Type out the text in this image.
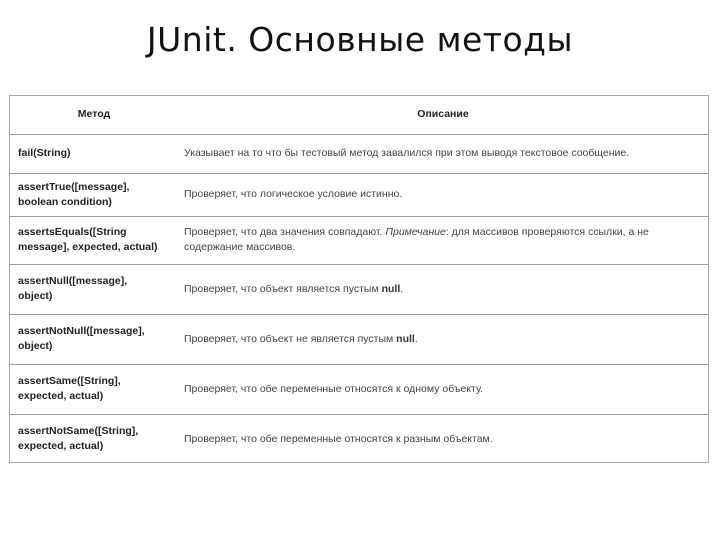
JUnit. Основные методы
Метод	Описание
fail(String)	Указывает на то что бы тестовый метод завалился при этом выводя текстовое сообщение.
assertTrue([message],
boolean condition)	Проверяет, что логическое условие истинно.
assertsEquals([String
message], expected, actual)	Проверяет, что два значения совпадают. Примечание: для массивов проверяются ссылки, а не содержание массивов.
assertNull([message],
object)	Проверяет, что объект является пустым null.
assertNotNull([message],
object)	Проверяет, что объект не является пустым null.
assertSame([String],
expected, actual)	Проверяет, что обе переменные относятся к одному объекту.
assertNotSame([String],
expected, actual)	Проверяет, что обе переменные относятся к разным объектам.
